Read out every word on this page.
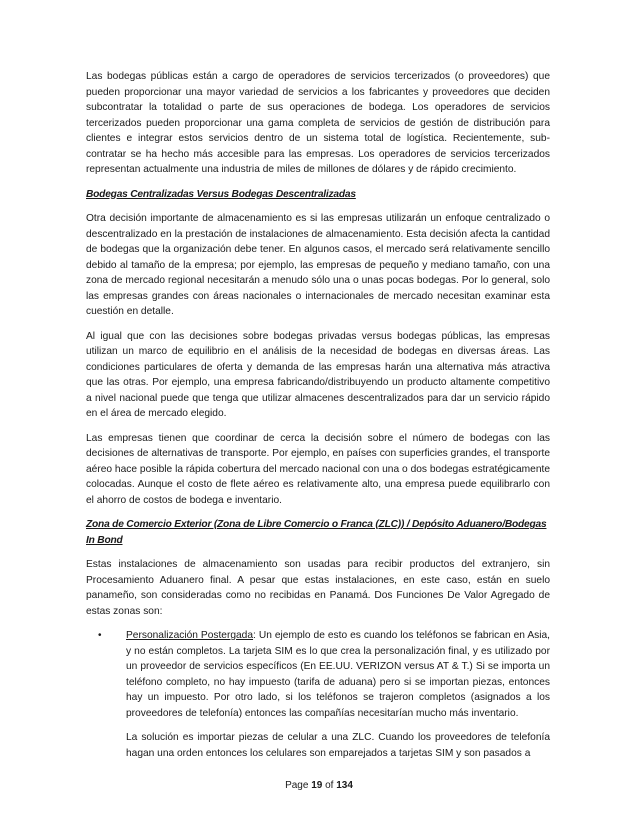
Las bodegas públicas están a cargo de operadores de servicios tercerizados (o proveedores) que pueden proporcionar una mayor variedad de servicios a los fabricantes y proveedores que deciden subcontratar la totalidad o parte de sus operaciones de bodega. Los operadores de servicios tercerizados pueden proporcionar una gama completa de servicios de gestión de distribución para clientes e integrar estos servicios dentro de un sistema total de logística. Recientemente, sub-contratar se ha hecho más accesible para las empresas. Los operadores de servicios tercerizados representan actualmente una industria de miles de millones de dólares y de rápido crecimiento.

Bodegas Centralizadas Versus Bodegas Descentralizadas

Otra decisión importante de almacenamiento es si las empresas utilizarán un enfoque centralizado o descentralizado en la prestación de instalaciones de almacenamiento. Esta decisión afecta la cantidad de bodegas que la organización debe tener. En algunos casos, el mercado será relativamente sencillo debido al tamaño de la empresa; por ejemplo, las empresas de pequeño y mediano tamaño, con una zona de mercado regional necesitarán a menudo sólo una o unas pocas bodegas. Por lo general, solo las empresas grandes con áreas nacionales o internacionales de mercado necesitan examinar esta cuestión en detalle.

Al igual que con las decisiones sobre bodegas privadas versus bodegas públicas, las empresas utilizan un marco de equilibrio en el análisis de la necesidad de bodegas en diversas áreas. Las condiciones particulares de oferta y demanda de las empresas harán una alternativa más atractiva que las otras. Por ejemplo, una empresa fabricando/distribuyendo un producto altamente competitivo a nivel nacional puede que tenga que utilizar almacenes descentralizados para dar un servicio rápido en el área de mercado elegido.

Las empresas tienen que coordinar de cerca la decisión sobre el número de bodegas con las decisiones de alternativas de transporte. Por ejemplo, en países con superficies grandes, el transporte aéreo hace posible la rápida cobertura del mercado nacional con una o dos bodegas estratégicamente colocadas. Aunque el costo de flete aéreo es relativamente alto, una empresa puede equilibrarlo con el ahorro de costos de bodega e inventario.

Zona de Comercio Exterior (Zona de Libre Comercio o Franca (ZLC)) / Depósito Aduanero/Bodegas In Bond

Estas instalaciones de almacenamiento son usadas para recibir productos del extranjero, sin Procesamiento Aduanero final. A pesar que estas instalaciones, en este caso, están en suelo panameño, son consideradas como no recibidas en Panamá. Dos Funciones De Valor Agregado de estas zonas son:

• Personalización Postergada: Un ejemplo de esto es cuando los teléfonos se fabrican en Asia, y no están completos. La tarjeta SIM es lo que crea la personalización final, y es utilizado por un proveedor de servicios específicos (En EE.UU. VERIZON versus AT & T.) Si se importa un teléfono completo, no hay impuesto (tarifa de aduana) pero si se importan piezas, entonces hay un impuesto. Por otro lado, si los teléfonos se trajeron completos (asignados a los proveedores de telefonía) entonces las compañías necesitarían mucho más inventario.

La solución es importar piezas de celular a una ZLC. Cuando los proveedores de telefonía hagan una orden entonces los celulares son emparejados a tarjetas SIM y son pasados a

Page 19 of 134
